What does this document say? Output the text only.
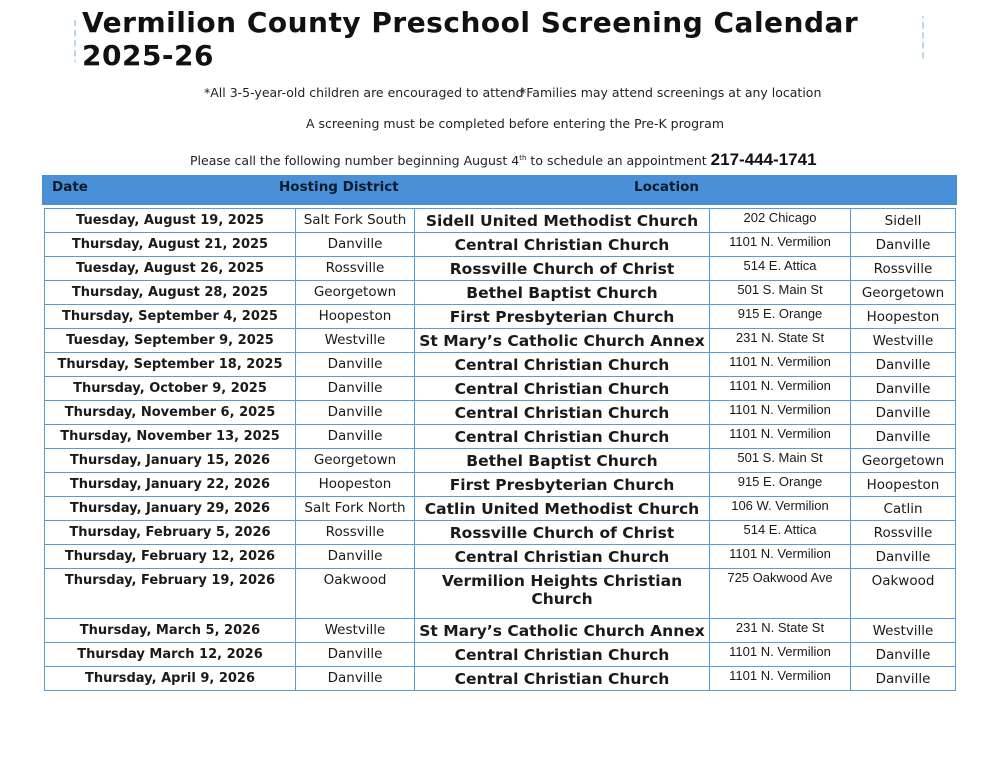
Vermilion County Preschool Screening Calendar 2025-26
*All 3-5-year-old children are encouraged to attend
*Families may attend screenings at any location
A screening must be completed before entering the Pre-K program
Please call the following number beginning August 4th to schedule an appointment 217-444-1741
Date	Hosting District	Location
Tuesday, August 19, 2025	Salt Fork South	Sidell United Methodist Church	202 Chicago	Sidell
Thursday, August 21, 2025	Danville	Central Christian Church	1101 N. Vermilion	Danville
Tuesday, August 26, 2025	Rossville	Rossville Church of Christ	514 E. Attica	Rossville
Thursday, August 28, 2025	Georgetown	Bethel Baptist Church	501 S. Main St	Georgetown
Thursday, September 4, 2025	Hoopeston	First Presbyterian Church	915 E. Orange	Hoopeston
Tuesday, September 9, 2025	Westville	St Mary’s Catholic Church Annex	231 N. State St	Westville
Thursday, September 18, 2025	Danville	Central Christian Church	1101 N. Vermilion	Danville
Thursday, October 9, 2025	Danville	Central Christian Church	1101 N. Vermilion	Danville
Thursday, November 6, 2025	Danville	Central Christian Church	1101 N. Vermilion	Danville
Thursday, November 13, 2025	Danville	Central Christian Church	1101 N. Vermilion	Danville
Thursday, January 15, 2026	Georgetown	Bethel Baptist Church	501 S. Main St	Georgetown
Thursday, January 22, 2026	Hoopeston	First Presbyterian Church	915 E. Orange	Hoopeston
Thursday, January 29, 2026	Salt Fork North	Catlin United Methodist Church	106 W. Vermilion	Catlin
Thursday, February 5, 2026	Rossville	Rossville Church of Christ	514 E. Attica	Rossville
Thursday, February 12, 2026	Danville	Central Christian Church	1101 N. Vermilion	Danville
Thursday, February 19, 2026	Oakwood	Vermilion Heights Christian Church	725 Oakwood Ave	Oakwood
Thursday, March 5, 2026	Westville	St Mary’s Catholic Church Annex	231 N. State St	Westville
Thursday March 12, 2026	Danville	Central Christian Church	1101 N. Vermilion	Danville
Thursday, April 9, 2026	Danville	Central Christian Church	1101 N. Vermilion	Danville
